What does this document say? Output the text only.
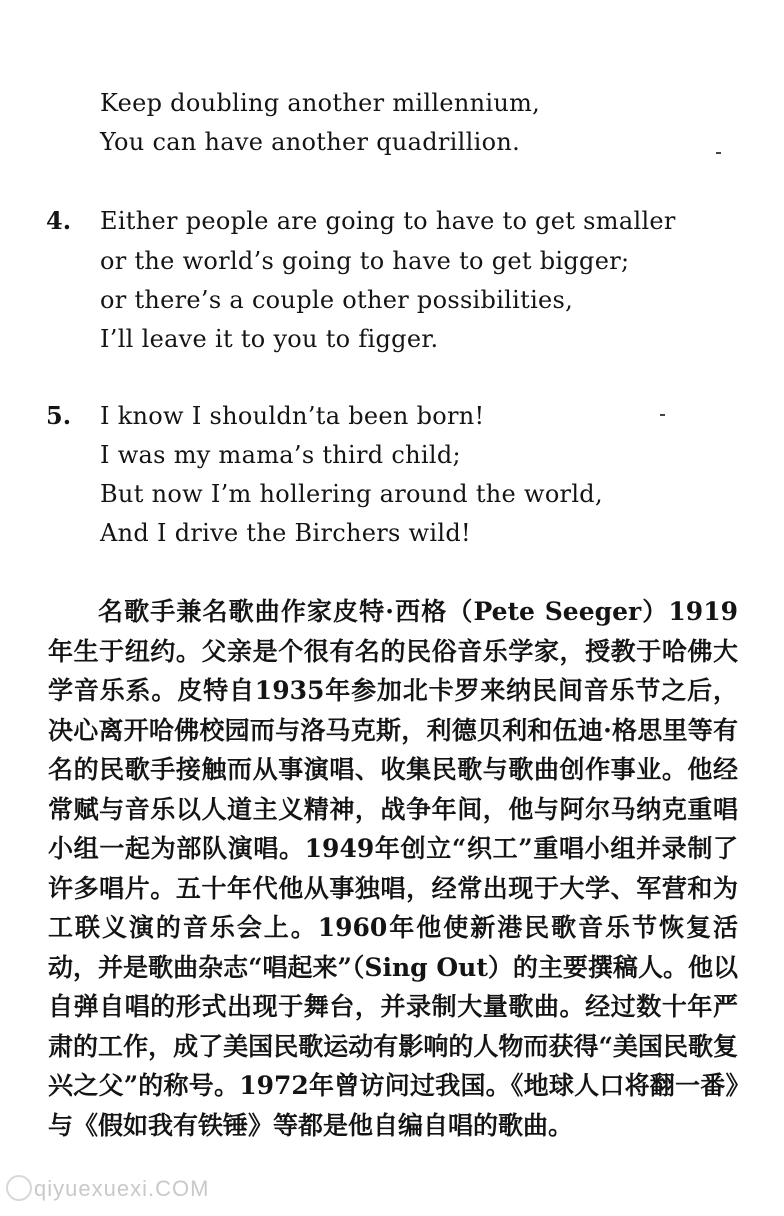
Keep doubling another millennium,
You can have another quadrillion.
4. Either people are going to have to get smaller
or the world’s going to have to get bigger;
or there’s a couple other possibilities,
I’ll leave it to you to figger.
5. I know I shouldn’ta been born!
I was my mama’s third child;
But now I’m hollering around the world,
And I drive the Birchers wild!

名歌手兼名歌曲作家皮特·西格（Pete Seeger）1919年生于纽约。父亲是个很有名的民俗音乐学家，授教于哈佛大学音乐系。皮特自1935年参加北卡罗来纳民间音乐节之后，决心离开哈佛校园而与洛马克斯，利德贝利和伍迪·格思里等有名的民歌手接触而从事演唱、收集民歌与歌曲创作事业。他经常赋与音乐以人道主义精神，战争年间，他与阿尔马纳克重唱小组一起为部队演唱。1949年创立“织工”重唱小组并录制了许多唱片。五十年代他从事独唱，经常出现于大学、军营和为工联义演的音乐会上。1960年他使新港民歌音乐节恢复活动，并是歌曲杂志“唱起来”（Sing Out）的主要撰稿人。他以自弹自唱的形式出现于舞台，并录制大量歌曲。经过数十年严肃的工作，成了美国民歌运动有影响的人物而获得“美国民歌复兴之父”的称号。1972年曾访问过我国。《地球人口将翻一番》与《假如我有铁锤》等都是他自编自唱的歌曲。

qiyuexuexi.COM
